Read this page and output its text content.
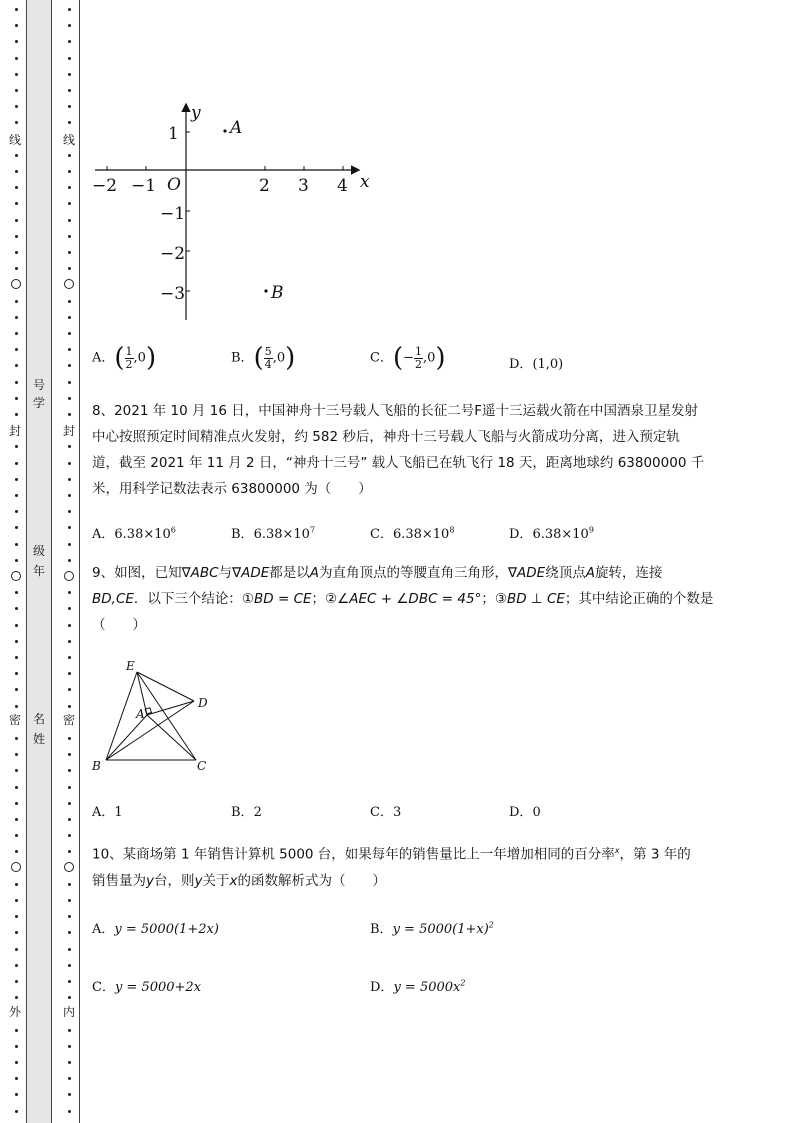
线
封
密
外
学
号
年
级
姓
名
线
封
密
内
y
x
O
−2 −1	2 3 4
1
−1
−2
−3
A
B
A．( $\frac{1}{2} ,0$)	B．( $\frac{5}{4} ,0$)	C．(− $\frac{1}{2} ,0$)	D．(1,0)
8、2021 年 10 月 16 日，中国神舟十三号载人飞船的长征二号F遥十三运载火箭在中国酒泉卫星发射
中心按照预定时间精准点火发射，约 582 秒后，神舟十三号载人飞船与火箭成功分离，进入预定轨
道，截至 2021 年 11 月 2 日，“神舟十三号” 载人飞船已在轨飞行 18 天，距离地球约 63800000 千
米，用科学记数法表示 63800000 为（　　）
A．$6.38\times 10^6$	B．$6.38\times 10^7$	C．$6.38\times 10^8$	D．$6.38\times 10^9$
9、如图，已知∇ABC与∇ADE都是以A为直角顶点的等腰直角三角形，∇ADE绕顶点A旋转，连接
BD,CE．以下三个结论：①BD = CE；②∠AEC + ∠DBC = 45°；③BD ⊥ CE；其中结论正确的个数是
（　　）
E
A
D
B	C
A．1	B．2	C．3	D．0
10、某商场第 1 年销售计算机 5000 台，如果每年的销售量比上一年增加相同的百分率$^x$，第 3 年的
销售量为y台，则y关于x的函数解析式为（　　）
A．y = 5000(1+2x)	B．$y = 5000(1+x)^2$
C．y = 5000+2x	D．$y = 5000x^2$
